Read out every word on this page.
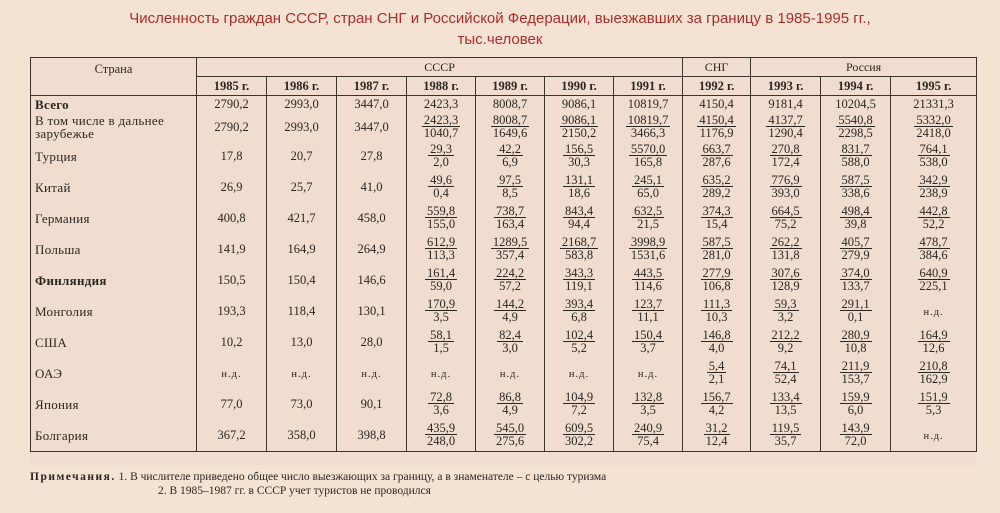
Численность граждан СССР, стран СНГ и Российской Федерации, выезжавших за границу в 1985-1995 гг.,
тыс.человек
Страна	СССР							СНГ	Россия		
	1985 г.	1986 г.	1987 г.	1988 г.	1989 г.	1990 г.	1991 г.	1992 г.	1993 г.	1994 г.	1995 г.
Всего	2790,2	2993,0	3447,0	2423,3	8008,7	9086,1	10819,7	4150,4	9181,4	10204,5	21331,3
В том числе в дальнее зарубежье	2790,2	2993,0	3447,0	$\frac{2423,3}{1040,7}$	$\frac{8008,7}{1649,6}$	$\frac{9086,1}{2150,2}$	$\frac{10819,7}{3466,3}$	$\frac{4150,4}{1176,9}$	$\frac{4137,7}{1290,4}$	$\frac{5540,8}{2298,5}$	$\frac{5332,0}{2418,0}$

Турция	17,8	20,7	27,8	$\frac{29,3}{2,0}$	$\frac{42,2}{6,9}$	$\frac{156,5}{30,3}$	$\frac{5570,0}{165,8}$	$\frac{663,7}{287,6}$	$\frac{270,8}{172,4}$	$\frac{831,7}{588,0}$	$\frac{764,1}{538,0}$

Китай	26,9	25,7	41,0	$\frac{49,6}{0,4}$	$\frac{97,5}{8,5}$	$\frac{131,1}{18,6}$	$\frac{245,1}{65,0}$	$\frac{635,2}{289,2}$	$\frac{776,9}{393,0}$	$\frac{587,5}{338,6}$	$\frac{342,9}{238,9}$

Германия	400,8	421,7	458,0	$\frac{559,8}{155,0}$	$\frac{738,7}{163,4}$	$\frac{843,4}{94,4}$	$\frac{632,5}{21,5}$	$\frac{374,3}{15,4}$	$\frac{664,5}{75,2}$	$\frac{498,4}{39,8}$	$\frac{442,8}{52,2}$

Польша	141,9	164,9	264,9	$\frac{612,9}{113,3}$	$\frac{1289,5}{357,4}$	$\frac{2168,7}{583,8}$	$\frac{3998,9}{1531,6}$	$\frac{587,5}{281,0}$	$\frac{262,2}{131,8}$	$\frac{405,7}{279,9}$	$\frac{478,7}{384,6}$

Финляндия	150,5	150,4	146,6	$\frac{161,4}{59,0}$	$\frac{224,2}{57,2}$	$\frac{343,3}{119,1}$	$\frac{443,5}{114,6}$	$\frac{277,9}{106,8}$	$\frac{307,6}{128,9}$	$\frac{374,0}{133,7}$	$\frac{640,9}{225,1}$

Монголия	193,3	118,4	130,1	$\frac{170,9}{3,5}$	$\frac{144,2}{4,9}$	$\frac{393,4}{6,8}$	$\frac{123,7}{11,1}$	$\frac{111,3}{10,3}$	$\frac{59,3}{3,2}$	$\frac{291,1}{0,1}$	н.д.
США	10,2	13,0	28,0	$\frac{58,1}{1,5}$	$\frac{82,4}{3,0}$	$\frac{102,4}{5,2}$	$\frac{150,4}{3,7}$	$\frac{146,8}{4,0}$	$\frac{212,2}{9,2}$	$\frac{280,9}{10,8}$	$\frac{164,9}{12,6}$

ОАЭ	н.д.	н.д.	н.д.	н.д.	н.д.	н.д.	н.д.	$\frac{5,4}{2,1}$	$\frac{74,1}{52,4}$	$\frac{211,9}{153,7}$	$\frac{210,8}{162,9}$

Япония	77,0	73,0	90,1	$\frac{72,8}{3,6}$	$\frac{86,8}{4,9}$	$\frac{104,9}{7,2}$	$\frac{132,8}{3,5}$	$\frac{156,7}{4,2}$	$\frac{133,4}{13,5}$	$\frac{159,9}{6,0}$	$\frac{151,9}{5,3}$

Болгария	367,2	358,0	398,8	$\frac{435,9}{248,0}$	$\frac{545,0}{275,6}$	$\frac{609,5}{302,2}$	$\frac{240,9}{75,4}$	$\frac{31,2}{12,4}$	$\frac{119,5}{35,7}$	$\frac{143,9}{72,0}$	н.д.
Примечания. 1. В числителе приведено общее число выезжающих за границу, а в знаменателе – с целью туризма
2. В 1985–1987 гг. в СССР учет туристов не проводился
